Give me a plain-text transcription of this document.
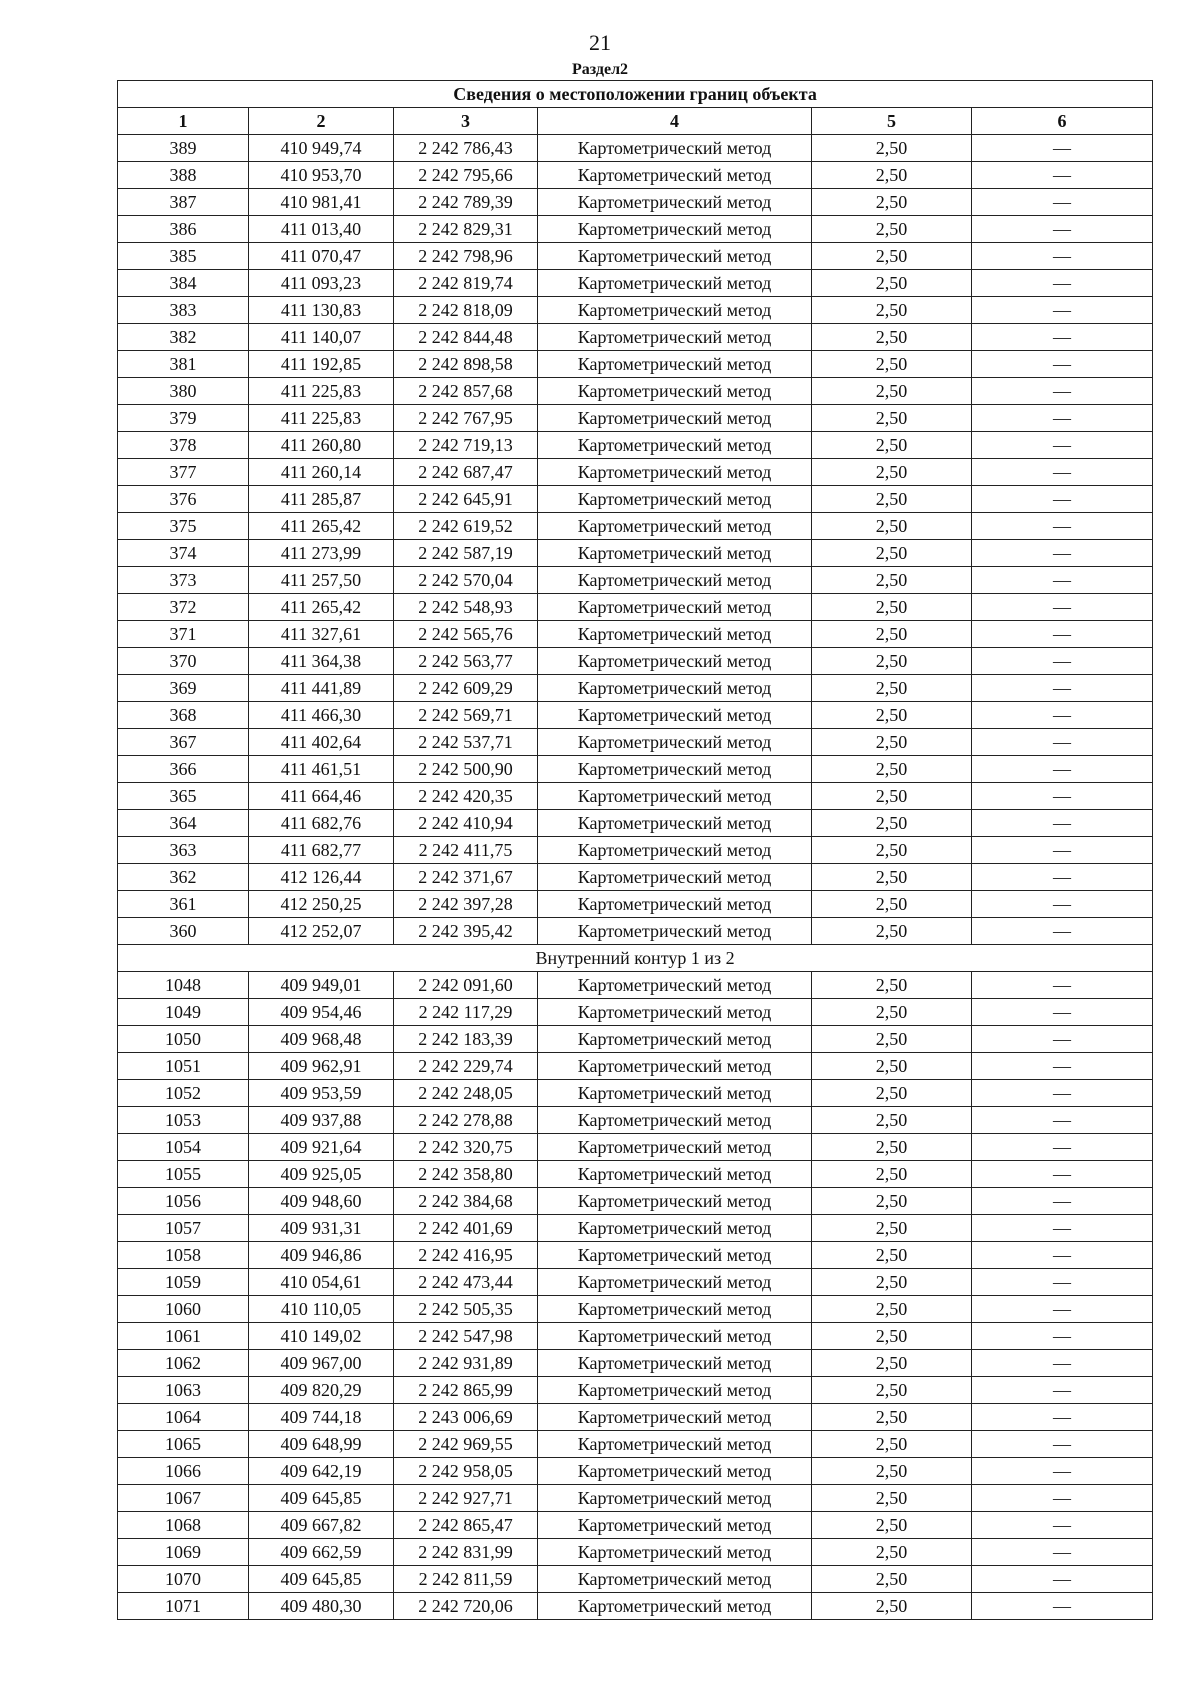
21
Раздел2
Сведения о местоположении границ объекта					
1	2	3	4	5	6
389	410 949,74	2 242 786,43	Картометрический метод	2,50	—
388	410 953,70	2 242 795,66	Картометрический метод	2,50	—
387	410 981,41	2 242 789,39	Картометрический метод	2,50	—
386	411 013,40	2 242 829,31	Картометрический метод	2,50	—
385	411 070,47	2 242 798,96	Картометрический метод	2,50	—
384	411 093,23	2 242 819,74	Картометрический метод	2,50	—
383	411 130,83	2 242 818,09	Картометрический метод	2,50	—
382	411 140,07	2 242 844,48	Картометрический метод	2,50	—
381	411 192,85	2 242 898,58	Картометрический метод	2,50	—
380	411 225,83	2 242 857,68	Картометрический метод	2,50	—
379	411 225,83	2 242 767,95	Картометрический метод	2,50	—
378	411 260,80	2 242 719,13	Картометрический метод	2,50	—
377	411 260,14	2 242 687,47	Картометрический метод	2,50	—
376	411 285,87	2 242 645,91	Картометрический метод	2,50	—
375	411 265,42	2 242 619,52	Картометрический метод	2,50	—
374	411 273,99	2 242 587,19	Картометрический метод	2,50	—
373	411 257,50	2 242 570,04	Картометрический метод	2,50	—
372	411 265,42	2 242 548,93	Картометрический метод	2,50	—
371	411 327,61	2 242 565,76	Картометрический метод	2,50	—
370	411 364,38	2 242 563,77	Картометрический метод	2,50	—
369	411 441,89	2 242 609,29	Картометрический метод	2,50	—
368	411 466,30	2 242 569,71	Картометрический метод	2,50	—
367	411 402,64	2 242 537,71	Картометрический метод	2,50	—
366	411 461,51	2 242 500,90	Картометрический метод	2,50	—
365	411 664,46	2 242 420,35	Картометрический метод	2,50	—
364	411 682,76	2 242 410,94	Картометрический метод	2,50	—
363	411 682,77	2 242 411,75	Картометрический метод	2,50	—
362	412 126,44	2 242 371,67	Картометрический метод	2,50	—
361	412 250,25	2 242 397,28	Картометрический метод	2,50	—
360	412 252,07	2 242 395,42	Картометрический метод	2,50	—
Внутренний контур 1 из 2					
1048	409 949,01	2 242 091,60	Картометрический метод	2,50	—
1049	409 954,46	2 242 117,29	Картометрический метод	2,50	—
1050	409 968,48	2 242 183,39	Картометрический метод	2,50	—
1051	409 962,91	2 242 229,74	Картометрический метод	2,50	—
1052	409 953,59	2 242 248,05	Картометрический метод	2,50	—
1053	409 937,88	2 242 278,88	Картометрический метод	2,50	—
1054	409 921,64	2 242 320,75	Картометрический метод	2,50	—
1055	409 925,05	2 242 358,80	Картометрический метод	2,50	—
1056	409 948,60	2 242 384,68	Картометрический метод	2,50	—
1057	409 931,31	2 242 401,69	Картометрический метод	2,50	—
1058	409 946,86	2 242 416,95	Картометрический метод	2,50	—
1059	410 054,61	2 242 473,44	Картометрический метод	2,50	—
1060	410 110,05	2 242 505,35	Картометрический метод	2,50	—
1061	410 149,02	2 242 547,98	Картометрический метод	2,50	—
1062	409 967,00	2 242 931,89	Картометрический метод	2,50	—
1063	409 820,29	2 242 865,99	Картометрический метод	2,50	—
1064	409 744,18	2 243 006,69	Картометрический метод	2,50	—
1065	409 648,99	2 242 969,55	Картометрический метод	2,50	—
1066	409 642,19	2 242 958,05	Картометрический метод	2,50	—
1067	409 645,85	2 242 927,71	Картометрический метод	2,50	—
1068	409 667,82	2 242 865,47	Картометрический метод	2,50	—
1069	409 662,59	2 242 831,99	Картометрический метод	2,50	—
1070	409 645,85	2 242 811,59	Картометрический метод	2,50	—
1071	409 480,30	2 242 720,06	Картометрический метод	2,50	—
